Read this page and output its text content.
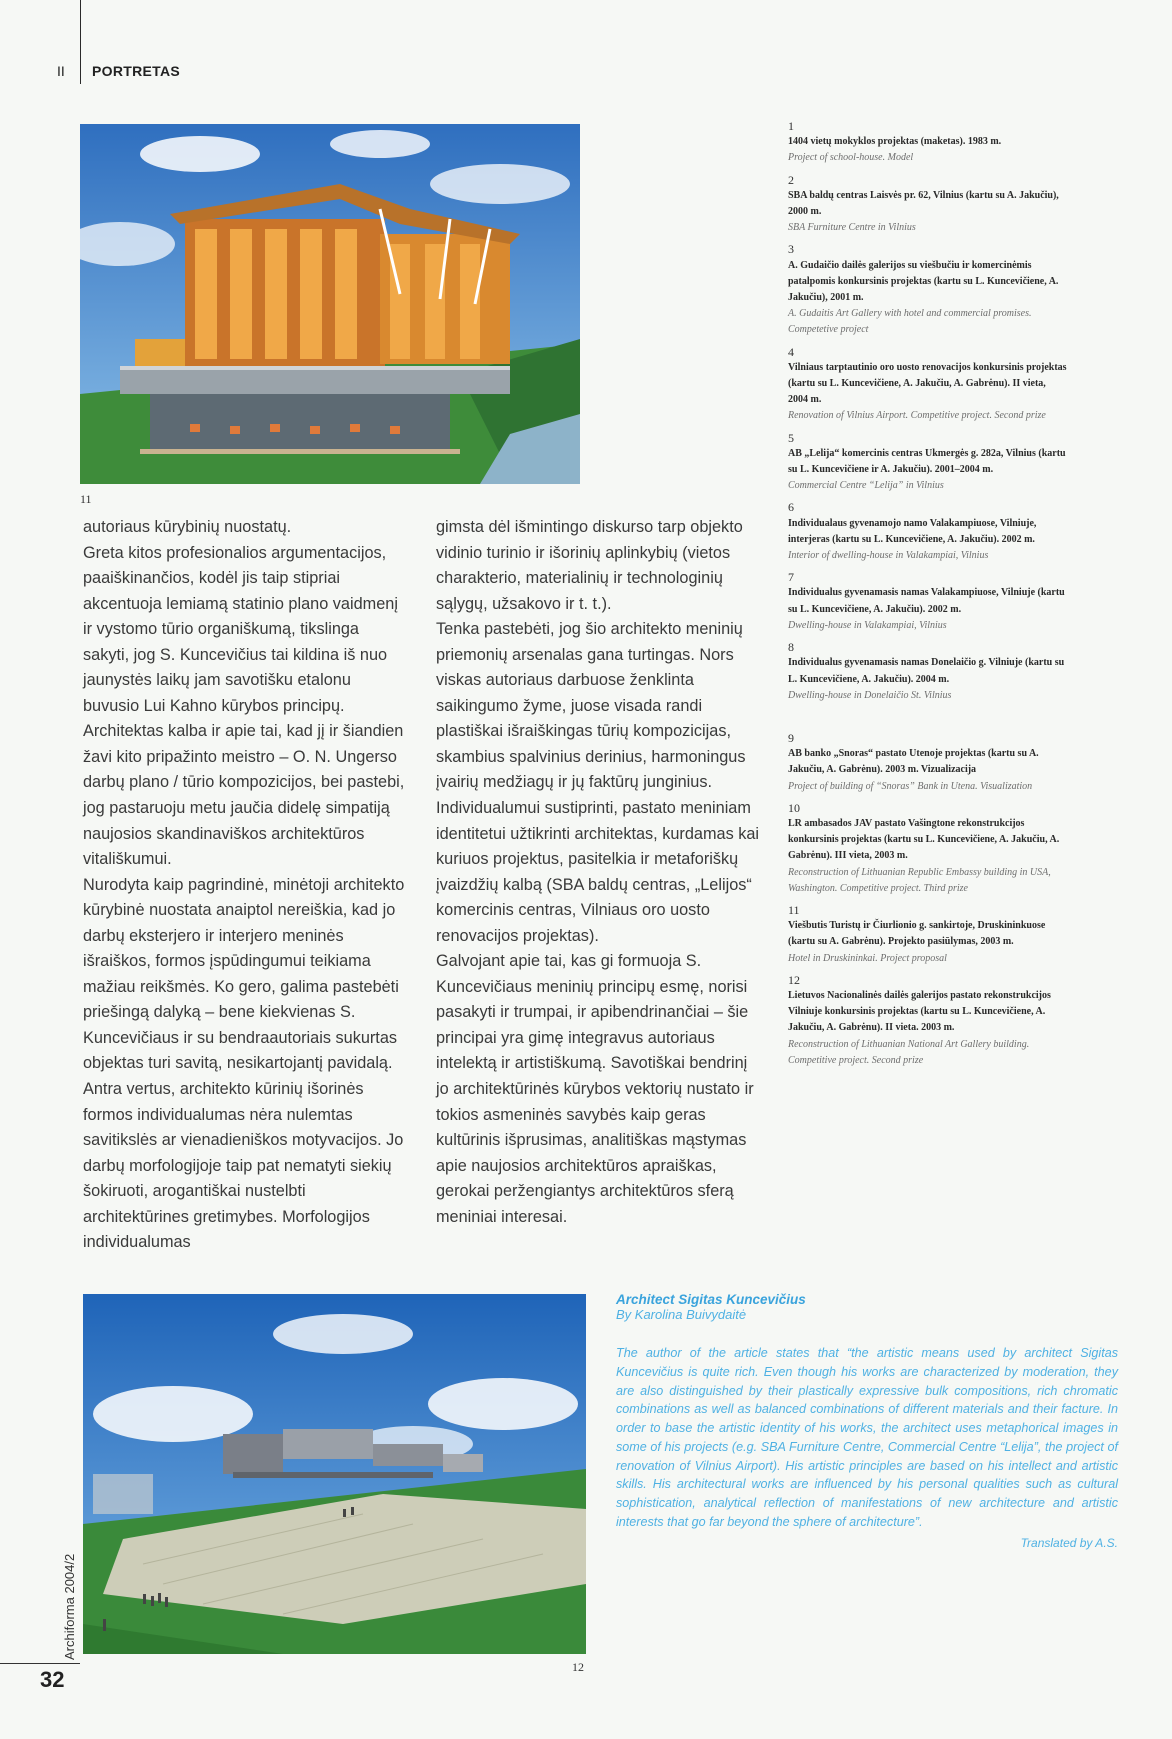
II PORTRETAS
11

autoriaus kūrybinių nuostatų.

Greta kitos profesionalios argumentacijos, paaiškinančios, kodėl jis taip stipriai akcentuoja lemiamą statinio plano vaidmenį ir vystomo tūrio organiškumą, tikslinga sakyti, jog S. Kuncevičius tai kildina iš nuo jaunystės laikų jam savotišku etalonu buvusio Lui Kahno kūrybos principų. Architektas kalba ir apie tai, kad jį ir šiandien žavi kito pripažinto meistro – O. N. Ungerso darbų plano / tūrio kompozicijos, bei pastebi, jog pastaruoju metu jaučia didelę simpatiją naujosios skandinaviškos architektūros vitališkumui.

Nurodyta kaip pagrindinė, minėtoji architekto kūrybinė nuostata anaiptol nereiškia, kad jo darbų eksterjero ir interjero meninės išraiškos, formos įspūdingumui teikiama mažiau reikšmės. Ko gero, galima pastebėti priešingą dalyką – bene kiekvienas S. Kuncevičiaus ir su bendraautoriais sukurtas objektas turi savitą, nesikartojantį pavidalą. Antra vertus, architekto kūrinių išorinės formos individualumas nėra nulemtas savitikslės ar vienadieniškos motyvacijos. Jo darbų morfologijoje taip pat nematyti siekių šokiruoti, arogantiškai nustelbti architektūrines gretimybes. Morfologijos individualumas

gimsta dėl išmintingo diskurso tarp objekto vidinio turinio ir išorinių aplinkybių (vietos charakterio, materialinių ir technologinių sąlygų, užsakovo ir t. t.).

Tenka pastebėti, jog šio architekto meninių priemonių arsenalas gana turtingas. Nors viskas autoriaus darbuose ženklinta saikingumo žyme, juose visada randi plastiškai išraiškingas tūrių kompozicijas, skambius spalvinius derinius, harmoningus įvairių medžiagų ir jų faktūrų junginius. Individualumui sustiprinti, pastato meniniam identitetui užtikrinti architektas, kurdamas kai kuriuos projektus, pasitelkia ir metaforiškų įvaizdžių kalbą (SBA baldų centras, „Lelijos“ komercinis centras, Vilniaus oro uosto renovacijos projektas).

Galvojant apie tai, kas gi formuoja S. Kuncevičiaus meninių principų esmę, norisi pasakyti ir trumpai, ir apibendrinančiai – šie principai yra gimę integravus autoriaus intelektą ir artistiškumą. Savotiškai bendrinį jo architektūrinės kūrybos vektorių nustato ir tokios asmeninės savybės kaip geras kultūrinis išprusimas, analitiškas mąstymas apie naujosios architektūros apraiškas, gerokai peržengiantys architektūros sferą meniniai interesai.

1
1404 vietų mokyklos projektas (maketas). 1983 m.
Project of school-house. Model
2
SBA baldų centras Laisvės pr. 62, Vilnius (kartu su A. Jakučiu), 2000 m.
SBA Furniture Centre in Vilnius
3
A. Gudaičio dailės galerijos su viešbučiu ir komercinėmis patalpomis konkursinis projektas (kartu su L. Kuncevičiene, A. Jakučiu), 2001 m.
A. Gudaitis Art Gallery with hotel and commercial promises. Competetive project
4
Vilniaus tarptautinio oro uosto renovacijos konkursinis projektas (kartu su L. Kuncevičiene, A. Jakučiu, A. Gabrėnu). II vieta, 2004 m.
Renovation of Vilnius Airport. Competitive project. Second prize
5
AB „Lelija“ komercinis centras Ukmergės g. 282a, Vilnius (kartu su L. Kuncevičiene ir A. Jakučiu). 2001–2004 m.
Commercial Centre “Lelija” in Vilnius
6
Individualaus gyvenamojo namo Valakampiuose, Vilniuje, interjeras (kartu su L. Kuncevičiene, A. Jakučiu). 2002 m.
Interior of dwelling-house in Valakampiai, Vilnius
7
Individualus gyvenamasis namas Valakampiuose, Vilniuje (kartu su L. Kuncevičiene, A. Jakučiu). 2002 m.
Dwelling-house in Valakampiai, Vilnius
8
Individualus gyvenamasis namas Donelaičio g. Vilniuje (kartu su L. Kuncevičiene, A. Jakučiu). 2004 m.
Dwelling-house in Donelaičio St. Vilnius
9
AB banko „Snoras“ pastato Utenoje projektas (kartu su A. Jakučiu, A. Gabrėnu). 2003 m. Vizualizacija
Project of building of “Snoras” Bank in Utena. Visualization
10
LR ambasados JAV pastato Vašingtone rekonstrukcijos konkursinis projektas (kartu su L. Kuncevičiene, A. Jakučiu, A. Gabrėnu). III vieta, 2003 m.
Reconstruction of Lithuanian Republic Embassy building in USA, Washington. Competitive project. Third prize
11
Viešbutis Turistų ir Čiurlionio g. sankirtoje, Druskininkuose (kartu su A. Gabrėnu). Projekto pasiūlymas, 2003 m.
Hotel in Druskininkai. Project proposal
12
Lietuvos Nacionalinės dailės galerijos pastato rekonstrukcijos Vilniuje konkursinis projektas (kartu su L. Kuncevičiene, A. Jakučiu, A. Gabrėnu). II vieta. 2003 m.
Reconstruction of Lithuanian National Art Gallery building. Competitive project. Second prize
12

Architect Sigitas Kuncevičius

By Karolina Buivydaitė

The author of the article states that “the artistic means used by architect Sigitas Kuncevičius is quite rich. Even though his works are characterized by moderation, they are also distinguished by their plastically expressive bulk compositions, rich chromatic combinations as well as balanced combinations of different materials and their facture. In order to base the artistic identity of his works, the architect uses metaphorical images in some of his projects (e.g. SBA Furniture Centre, Commercial Centre “Lelija”, the project of renovation of Vilnius Airport). His artistic principles are based on his intellect and artistic skills. His architectural works are influenced by his personal qualities such as cultural sophistication, analytical reflection of manifestations of new architecture and artistic interests that go far beyond the sphere of architecture”.

Translated by A.S.
Archiforma 2004/2
32
